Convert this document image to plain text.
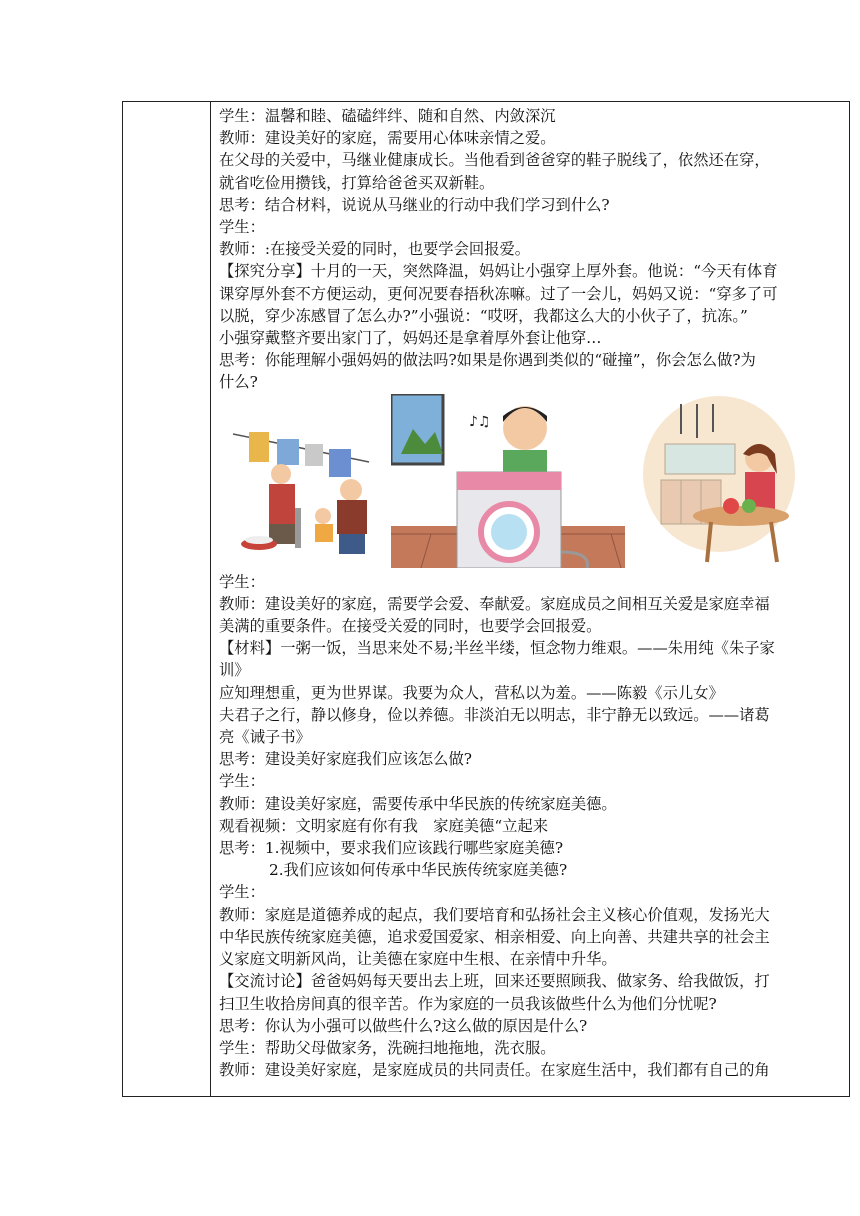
学生：温馨和睦、磕磕绊绊、随和自然、内敛深沉
教师：建设美好的家庭，需要用心体味亲情之爱。
在父母的关爱中，马继业健康成长。当他看到爸爸穿的鞋子脱线了，依然还在穿，
就省吃俭用攒钱，打算给爸爸买双新鞋。
思考：结合材料，说说从马继业的行动中我们学习到什么?
学生：
教师：:在接受关爱的同时，也要学会回报爱。
【探究分享】十月的一天，突然降温，妈妈让小强穿上厚外套。他说：“今天有体育
课穿厚外套不方便运动，更何况要春捂秋冻嘛。过了一会儿，妈妈又说：“穿多了可
以脱，穿少冻感冒了怎么办?”小强说：“哎呀，我都这么大的小伙子了，抗冻。”
小强穿戴整齐要出家门了，妈妈还是拿着厚外套让他穿…
思考：你能理解小强妈妈的做法吗?如果是你遇到类似的“碰撞”，你会怎么做?为
什么?
♪♫
学生：
教师：建设美好的家庭，需要学会爱、奉献爱。家庭成员之间相互关爱是家庭幸福
美满的重要条件。在接受关爱的同时，也要学会回报爱。
【材料】一粥一饭，当思来处不易;半丝半缕，恒念物力维艰。——朱用纯《朱子家
训》
应知理想重，更为世界谋。我要为众人，营私以为羞。——陈毅《示儿女》
夫君子之行，静以修身，俭以养德。非淡泊无以明志，非宁静无以致远。——诸葛
亮《诫子书》
思考：建设美好家庭我们应该怎么做?
学生：
教师：建设美好家庭，需要传承中华民族的传统家庭美德。
观看视频：文明家庭有你有我　家庭美德“立起来
思考：1.视频中，要求我们应该践行哪些家庭美德?
2.我们应该如何传承中华民族传统家庭美德?
学生：
教师：家庭是道德养成的起点，我们要培育和弘扬社会主义核心价值观，发扬光大
中华民族传统家庭美德，追求爱国爱家、相亲相爱、向上向善、共建共享的社会主
义家庭文明新风尚，让美德在家庭中生根、在亲情中升华。
【交流讨论】爸爸妈妈每天要出去上班，回来还要照顾我、做家务、给我做饭，打
扫卫生收拾房间真的很辛苦。作为家庭的一员我该做些什么为他们分忧呢?
思考：你认为小强可以做些什么?这么做的原因是什么?
学生：帮助父母做家务，洗碗扫地拖地，洗衣服。
教师：建设美好家庭，是家庭成员的共同责任。在家庭生活中，我们都有自己的角
